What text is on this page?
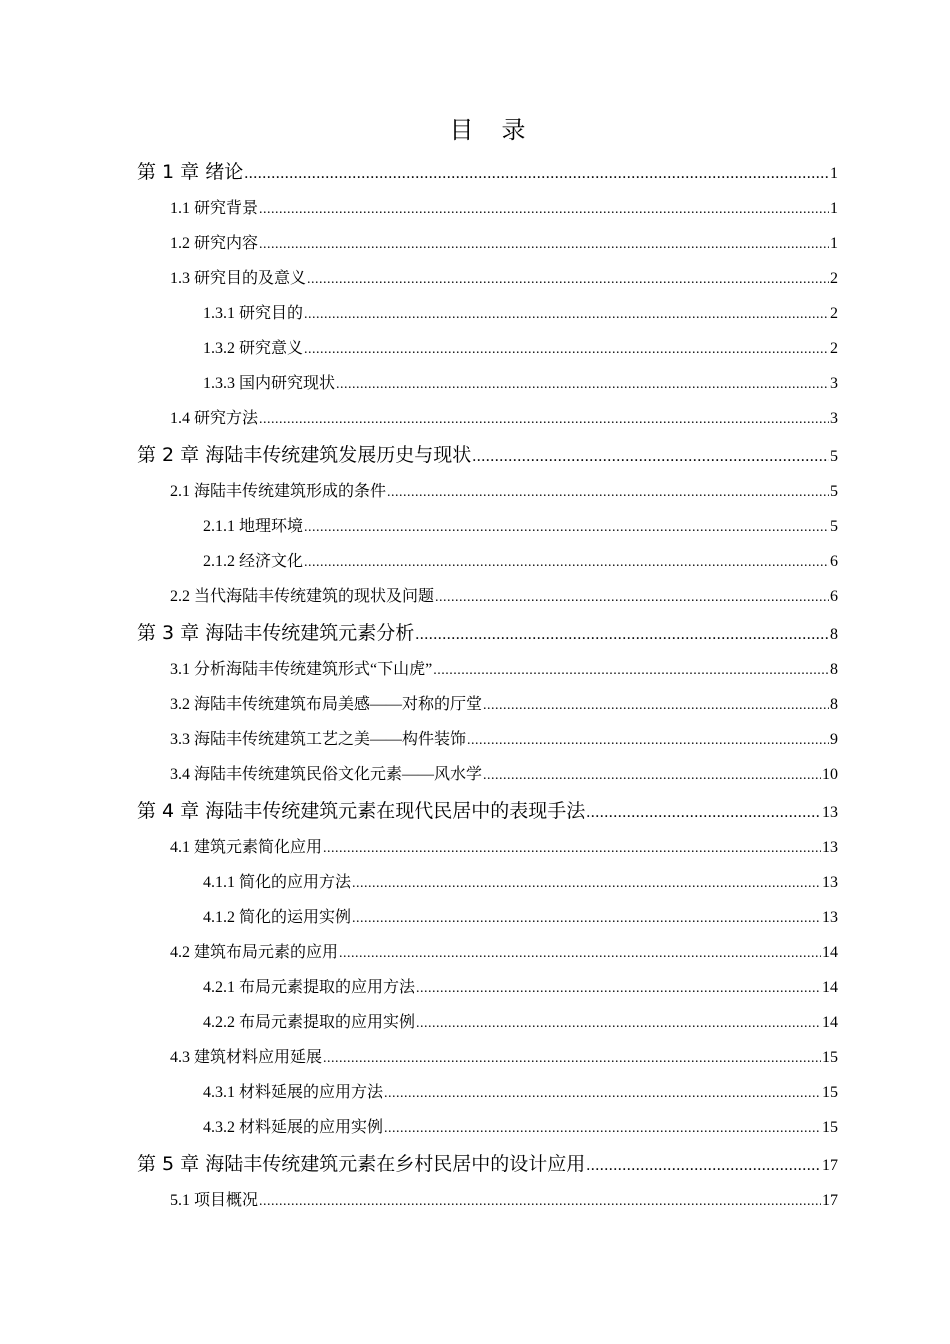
目 录
第 1 章 绪论 .....	1
1.1 研究背景 .....	1
1.2 研究内容 .....	1
1.3 研究目的及意义 .....	2
1.3.1 研究目的 .....	2
1.3.2 研究意义 .....	2
1.3.3 国内研究现状 .....	3
1.4 研究方法 .....	3
第 2 章 海陆丰传统建筑发展历史与现状 .....	5
2.1 海陆丰传统建筑形成的条件 .....	5
2.1.1 地理环境 .....	5
2.1.2 经济文化 .....	6
2.2 当代海陆丰传统建筑的现状及问题 .....	6
第 3 章 海陆丰传统建筑元素分析 .....	8
3.1 分析海陆丰传统建筑形式“下山虎” .....	8
3.2 海陆丰传统建筑布局美感——对称的厅堂 .....	8
3.3 海陆丰传统建筑工艺之美——构件装饰 .....	9
3.4 海陆丰传统建筑民俗文化元素——风水学 .....	10
第 4 章 海陆丰传统建筑元素在现代民居中的表现手法 .....	13
4.1 建筑元素简化应用 .....	13
4.1.1 简化的应用方法 .....	13
4.1.2 简化的运用实例 .....	13
4.2 建筑布局元素的应用 .....	14
4.2.1 布局元素提取的应用方法 .....	14
4.2.2 布局元素提取的应用实例 .....	14
4.3 建筑材料应用延展 .....	15
4.3.1 材料延展的应用方法 .....	15
4.3.2 材料延展的应用实例 .....	15
第 5 章 海陆丰传统建筑元素在乡村民居中的设计应用 .....	17
5.1 项目概况 .....	17
